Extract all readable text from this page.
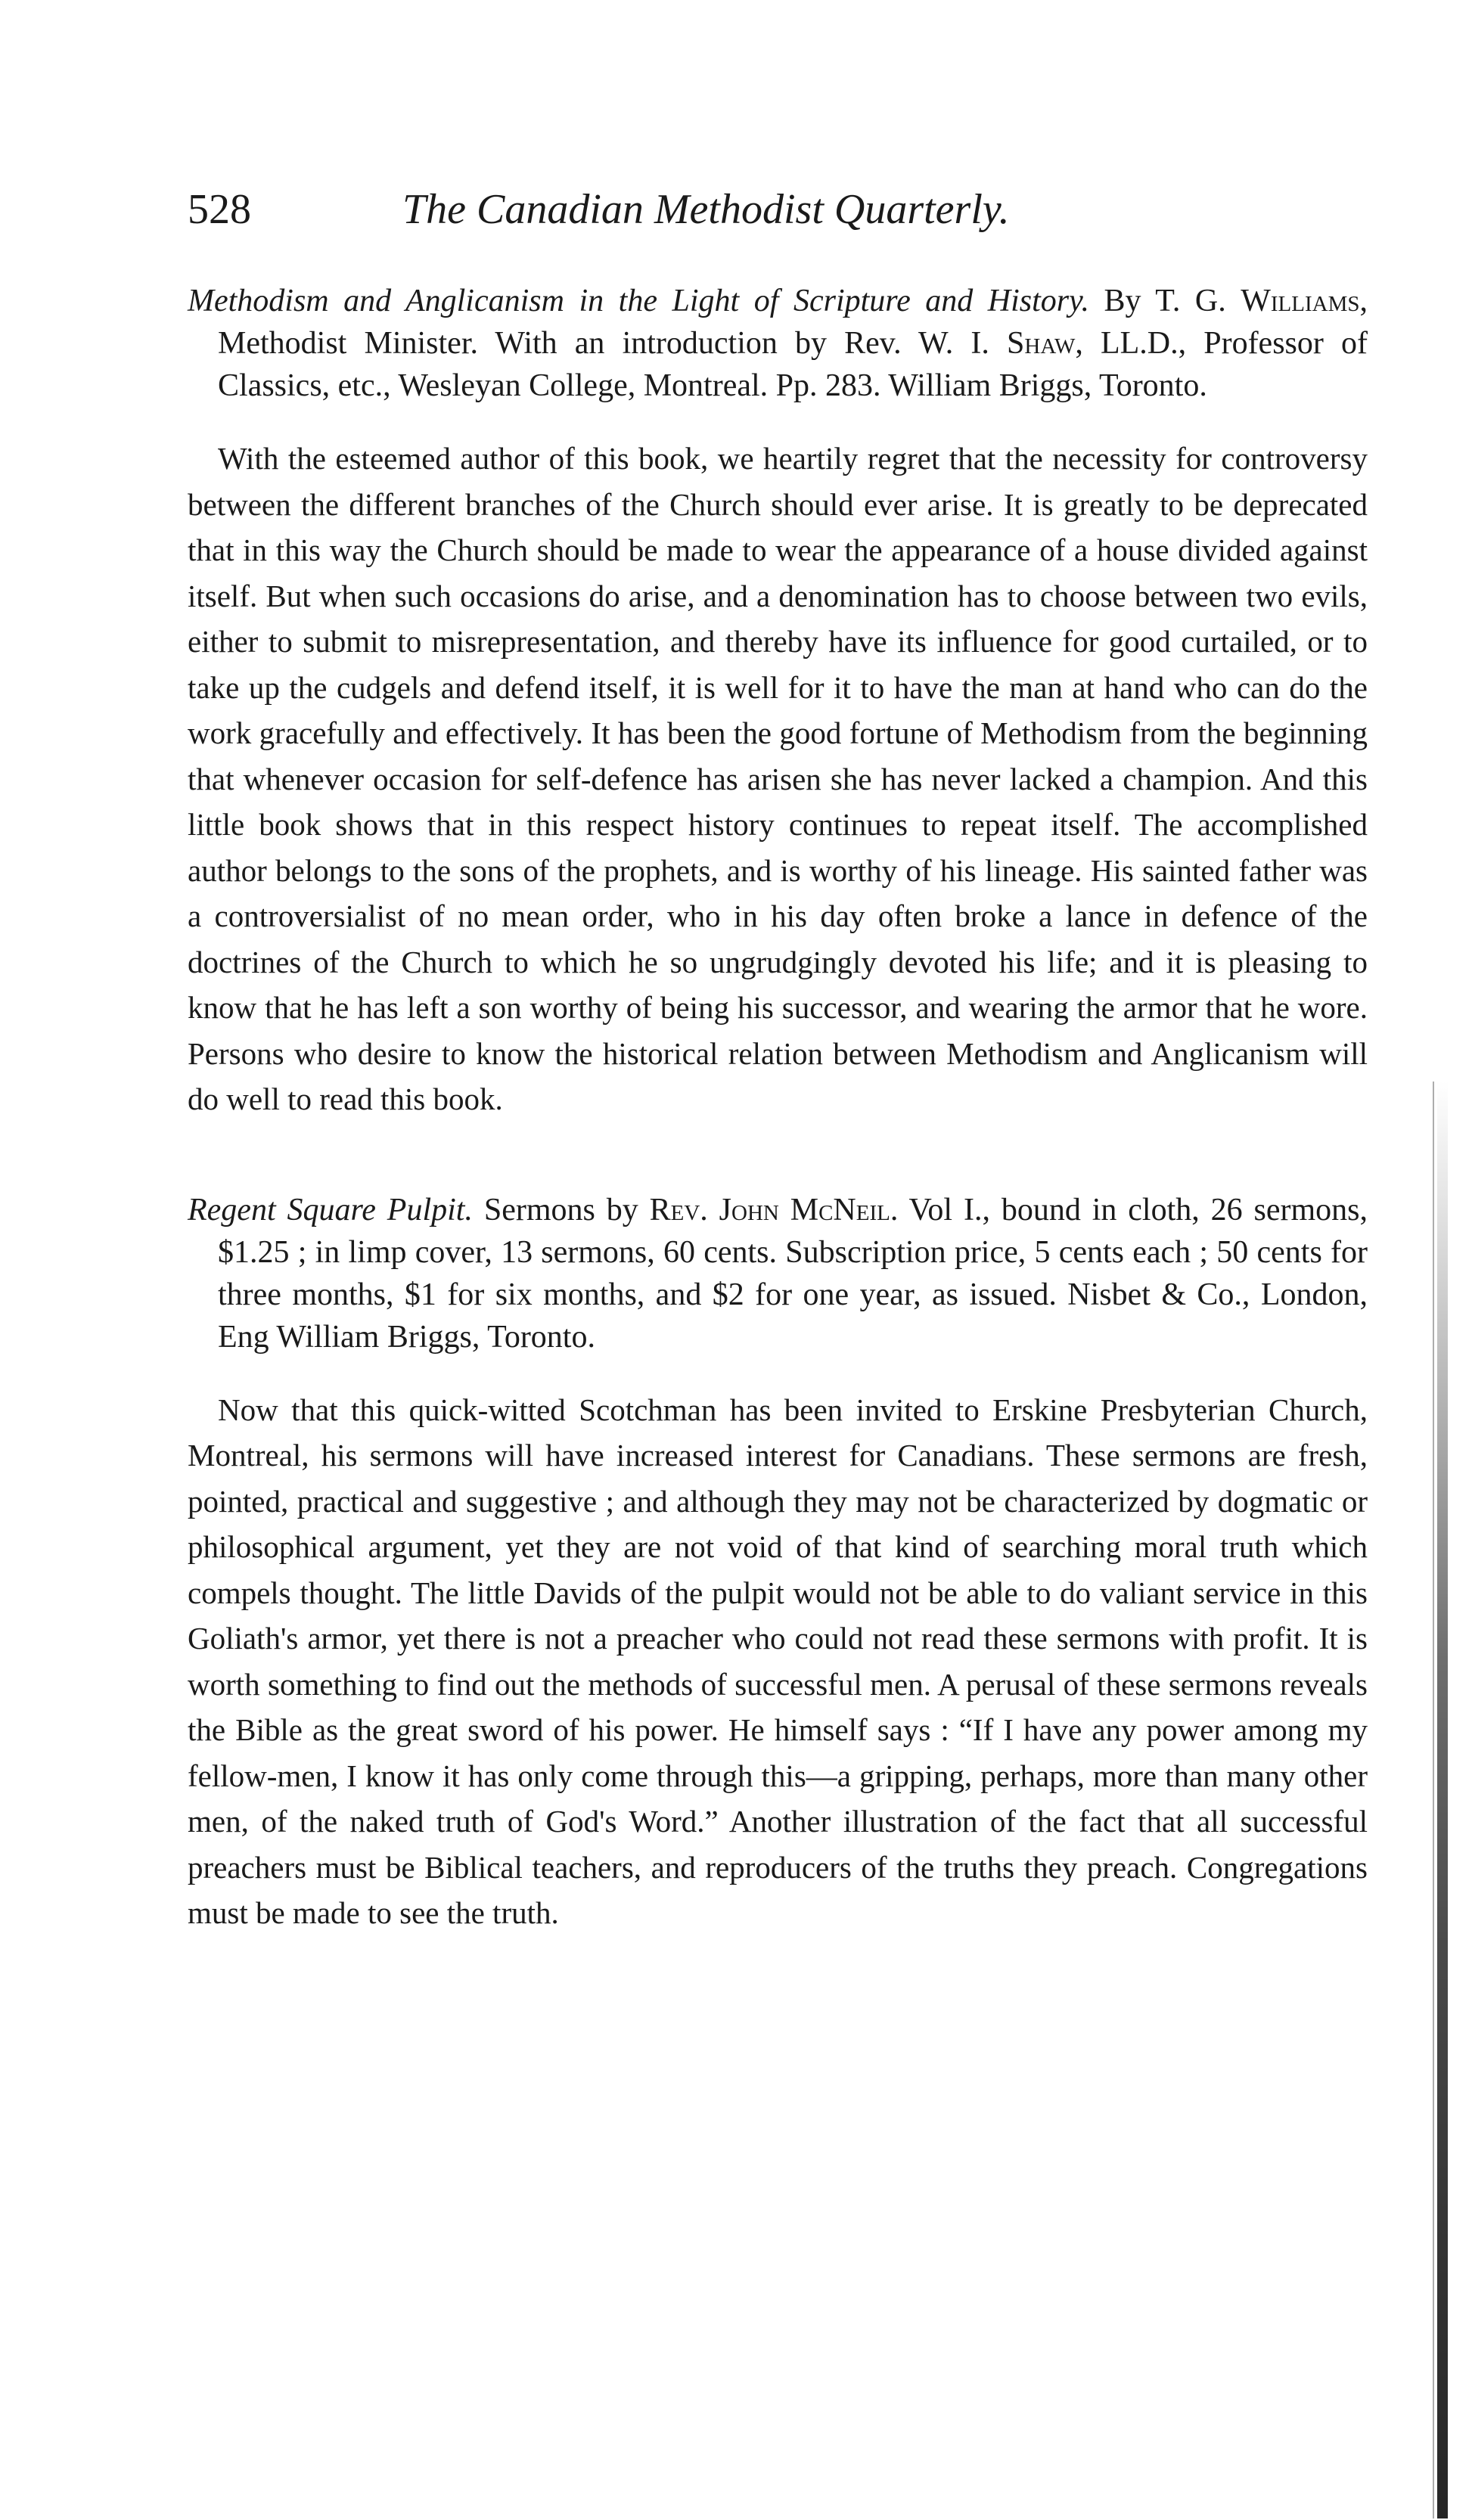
528	The Canadian Methodist Quarterly.

Methodism and Anglicanism in the Light of Scripture and History. By T. G. Williams, Methodist Minister. With an introduction by Rev. W. I. Shaw, LL.D., Professor of Classics, etc., Wesleyan College, Montreal. Pp. 283. William Briggs, Toronto.

With the esteemed author of this book, we heartily regret that the necessity for controversy between the different branches of the Church should ever arise. It is greatly to be deprecated that in this way the Church should be made to wear the appearance of a house divided against itself. But when such occasions do arise, and a denomination has to choose between two evils, either to submit to misrepresentation, and thereby have its influence for good curtailed, or to take up the cudgels and defend itself, it is well for it to have the man at hand who can do the work gracefully and effectively. It has been the good fortune of Methodism from the beginning that whenever occasion for self-defence has arisen she has never lacked a champion. And this little book shows that in this respect history continues to repeat itself. The accomplished author belongs to the sons of the prophets, and is worthy of his lineage. His sainted father was a controversialist of no mean order, who in his day often broke a lance in defence of the doctrines of the Church to which he so ungrudgingly devoted his life; and it is pleasing to know that he has left a son worthy of being his successor, and wearing the armor that he wore. Persons who desire to know the historical relation between Methodism and Anglicanism will do well to read this book.

Regent Square Pulpit. Sermons by Rev. John McNeil. Vol I., bound in cloth, 26 sermons, $1.25 ; in limp cover, 13 sermons, 60 cents. Subscription price, 5 cents each ; 50 cents for three months, $1 for six months, and $2 for one year, as issued. Nisbet & Co., London, Eng William Briggs, Toronto.

Now that this quick-witted Scotchman has been invited to Erskine Presbyterian Church, Montreal, his sermons will have increased interest for Canadians. These sermons are fresh, pointed, practical and suggestive ; and although they may not be characterized by dogmatic or philosophical argument, yet they are not void of that kind of searching moral truth which compels thought. The little Davids of the pulpit would not be able to do valiant service in this Goliath's armor, yet there is not a preacher who could not read these sermons with profit. It is worth something to find out the methods of successful men. A perusal of these sermons reveals the Bible as the great sword of his power. He himself says : “If I have any power among my fellow-men, I know it has only come through this—a gripping, perhaps, more than many other men, of the naked truth of God's Word.” Another illustration of the fact that all successful preachers must be Biblical teachers, and reproducers of the truths they preach. Congregations must be made to see the truth.
